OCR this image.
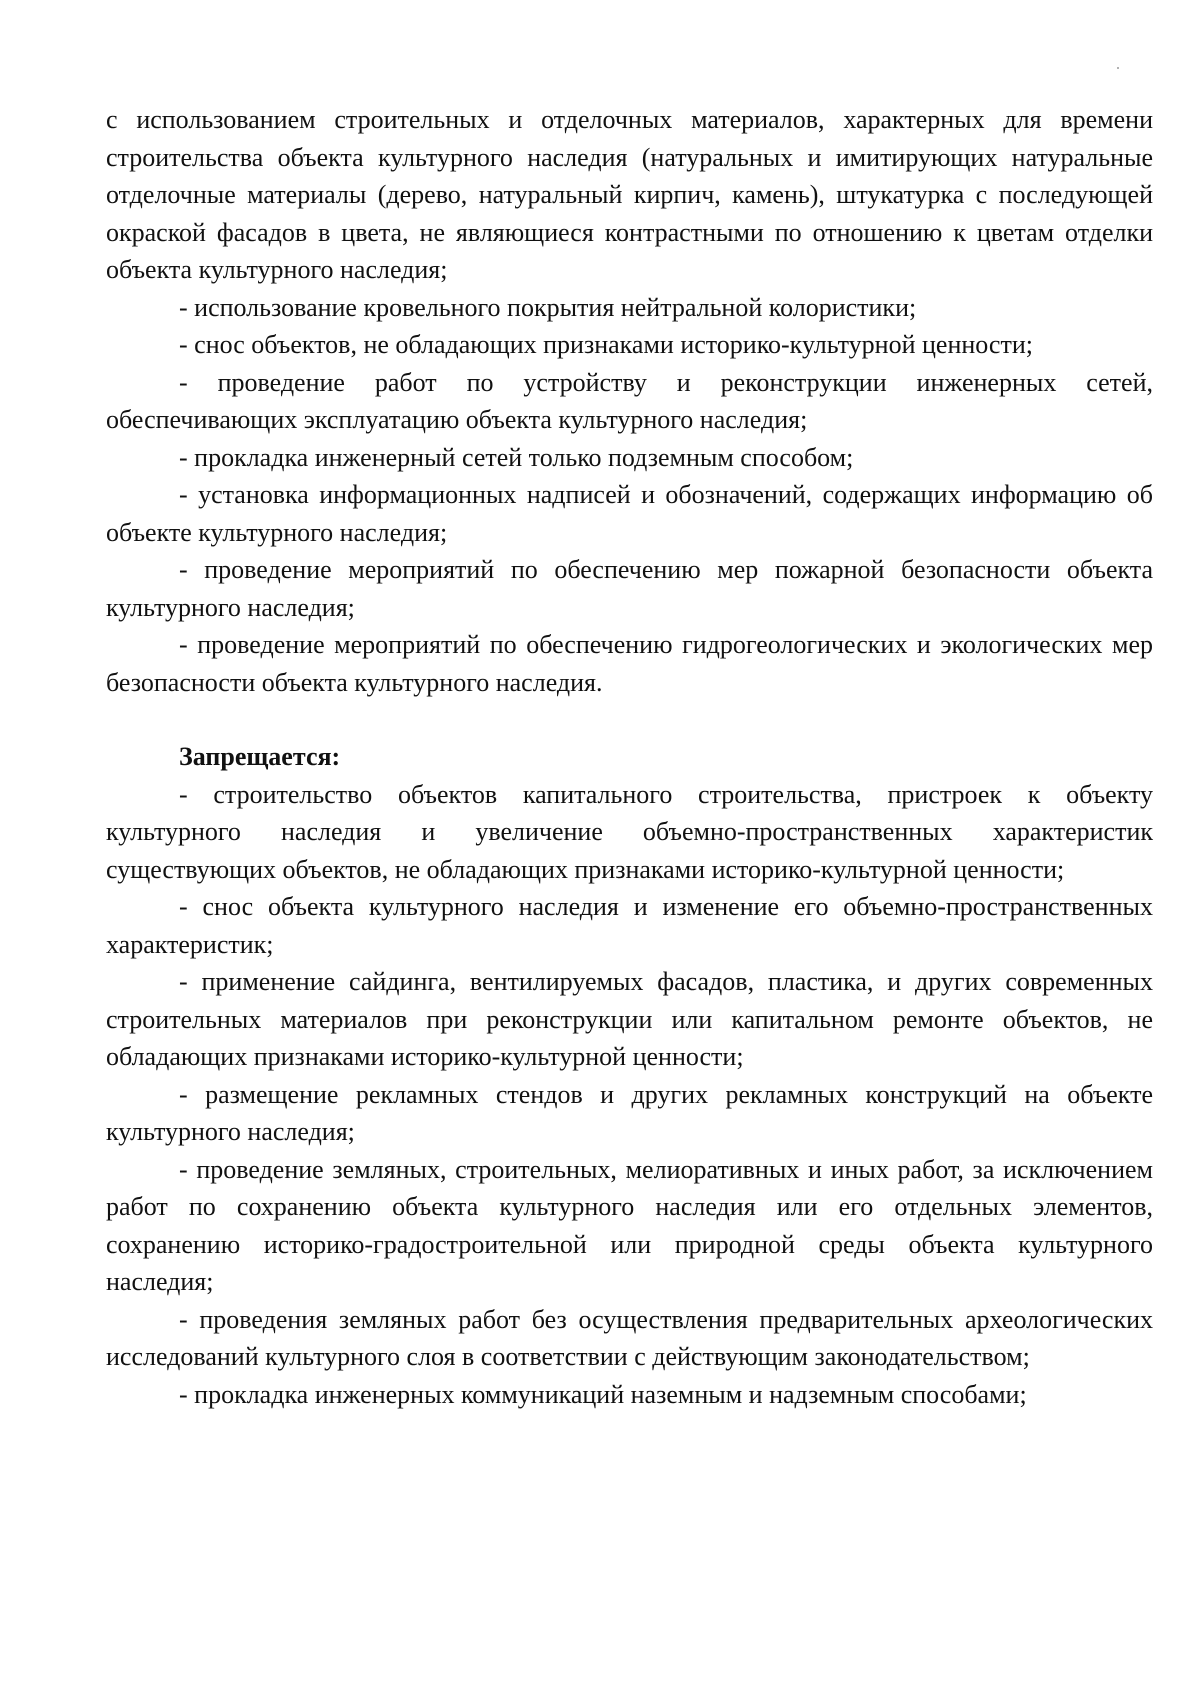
с использованием строительных и отделочных материалов, характерных для времени строительства объекта культурного наследия (натуральных и имитирующих натуральные отделочные материалы (дерево, натуральный кирпич, камень), штукатурка с последующей окраской фасадов в цвета, не являющиеся контрастными по отношению к цветам отделки объекта культурного наследия;

- использование кровельного покрытия нейтральной колористики;

- снос объектов, не обладающих признаками историко-культурной ценности;

- проведение работ по устройству и реконструкции инженерных сетей, обеспечивающих эксплуатацию объекта культурного наследия;

- прокладка инженерный сетей только подземным способом;

- установка информационных надписей и обозначений, содержащих информацию об объекте культурного наследия;

- проведение мероприятий по обеспечению мер пожарной безопасности объекта культурного наследия;

- проведение мероприятий по обеспечению гидрогеологических и экологических мер безопасности объекта культурного наследия.

Запрещается:

- строительство объектов капитального строительства, пристроек к объекту культурного наследия и увеличение объемно-пространственных характеристик существующих объектов, не обладающих признаками историко-культурной ценности;

- снос объекта культурного наследия и изменение его объемно-пространственных характеристик;

- применение сайдинга, вентилируемых фасадов, пластика, и других современных строительных материалов при реконструкции или капитальном ремонте объектов, не обладающих признаками историко-культурной ценности;

- размещение рекламных стендов и других рекламных конструкций на объекте культурного наследия;

- проведение земляных, строительных, мелиоративных и иных работ, за исключением работ по сохранению объекта культурного наследия или его отдельных элементов, сохранению историко-градостроительной или природной среды объекта культурного наследия;

- проведения земляных работ без осуществления предварительных археологических исследований культурного слоя в соответствии с действующим законодательством;

- прокладка инженерных коммуникаций наземным и надземным способами;
